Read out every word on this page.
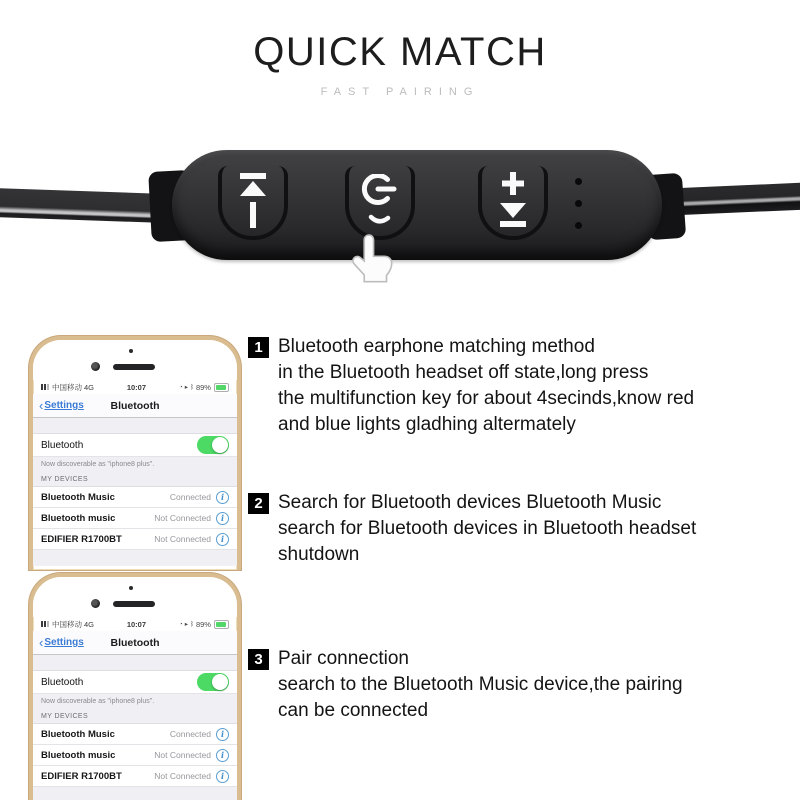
QUICK MATCH
FAST PAIRING
1 Bluetooth earphone matching method
in the Bluetooth headset off state,long press
the multifunction key for about 4secinds,know red
and blue lights gladhing altermately
2 Search for Bluetooth devices Bluetooth Music
search for Bluetooth devices in Bluetooth headset
shutdown
3 Pair connection
search to the Bluetooth Music device,the pairing
can be connected
中国移动 4G	10:07	◔ ▸ ᛒ 89%
‹ Settings	Bluetooth
Bluetooth
Now discoverable as "iphone8 plus".
MY DEVICES
Bluetooth Music	Connected	i
Bluetooth music	Not Connected	i
EDIFIER R1700BT	Not Connected	i
中国移动 4G	10:07	◔ ▸ ᛒ 89%
‹ Settings	Bluetooth
Bluetooth
Now discoverable as "iphone8 plus".
MY DEVICES
Bluetooth Music	Connected	i
Bluetooth music	Not Connected	i
EDIFIER R1700BT	Not Connected	i
